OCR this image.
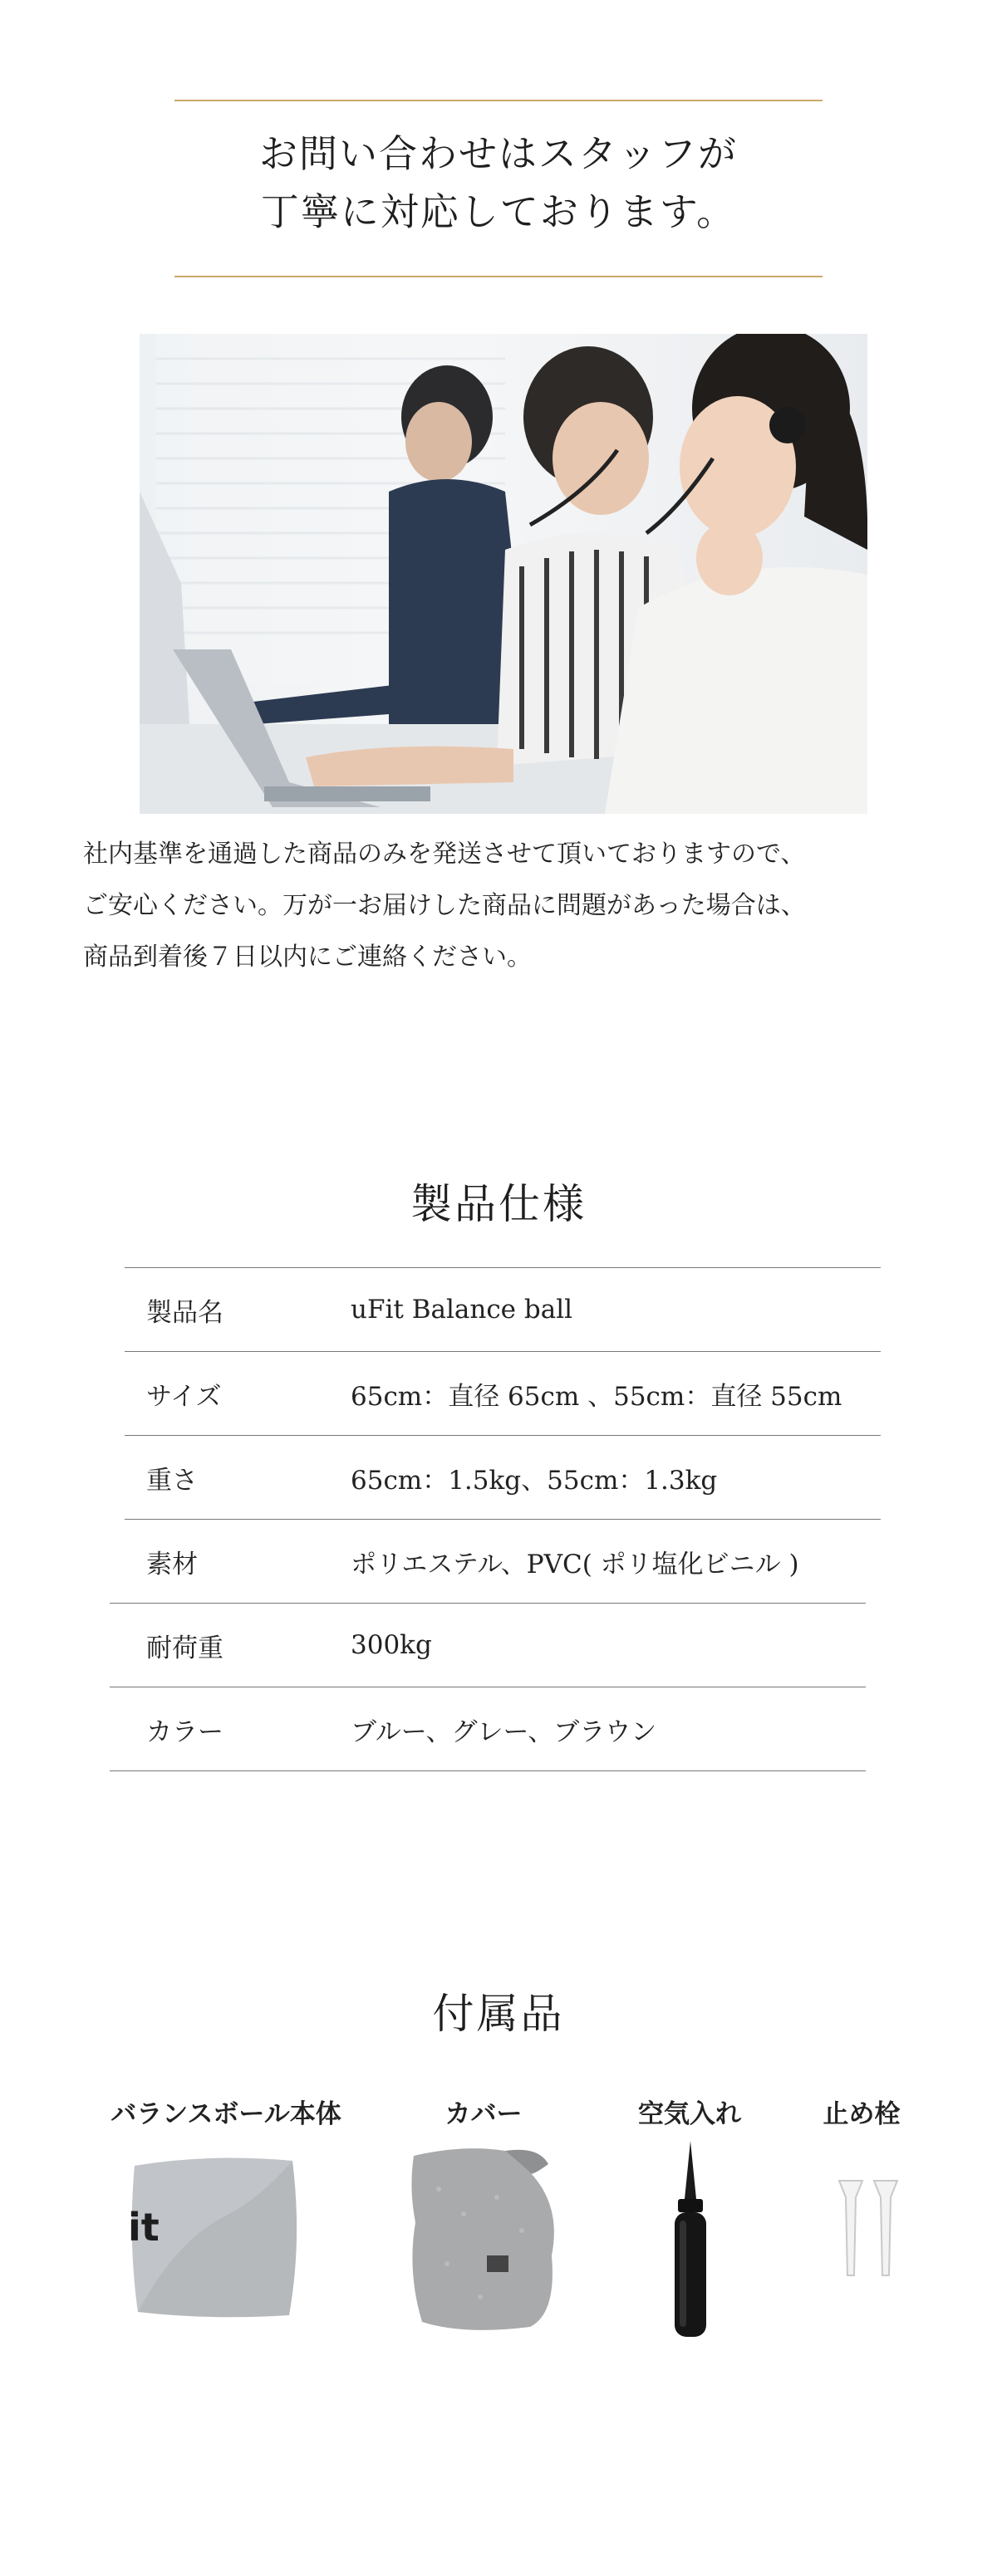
お問い合わせはスタッフが
丁寧に対応しております。
社内基準を通過した商品のみを発送させて頂いておりますので、
ご安心ください。万が一お届けした商品に問題があった場合は、
商品到着後７日以内にご連絡ください。
製品仕様
製品名	uFit Balance ball
サイズ	65cm：直径 65cm 、55cm：直径 55cm
重さ	65cm：1.5kg、55cm：1.3kg
素材	ポリエステル、PVC( ポリ塩化ビニル )
耐荷重	300kg
カラー	ブルー、グレー、ブラウン
付属品
バランスボール本体	カバー	空気入れ	止め栓
it
